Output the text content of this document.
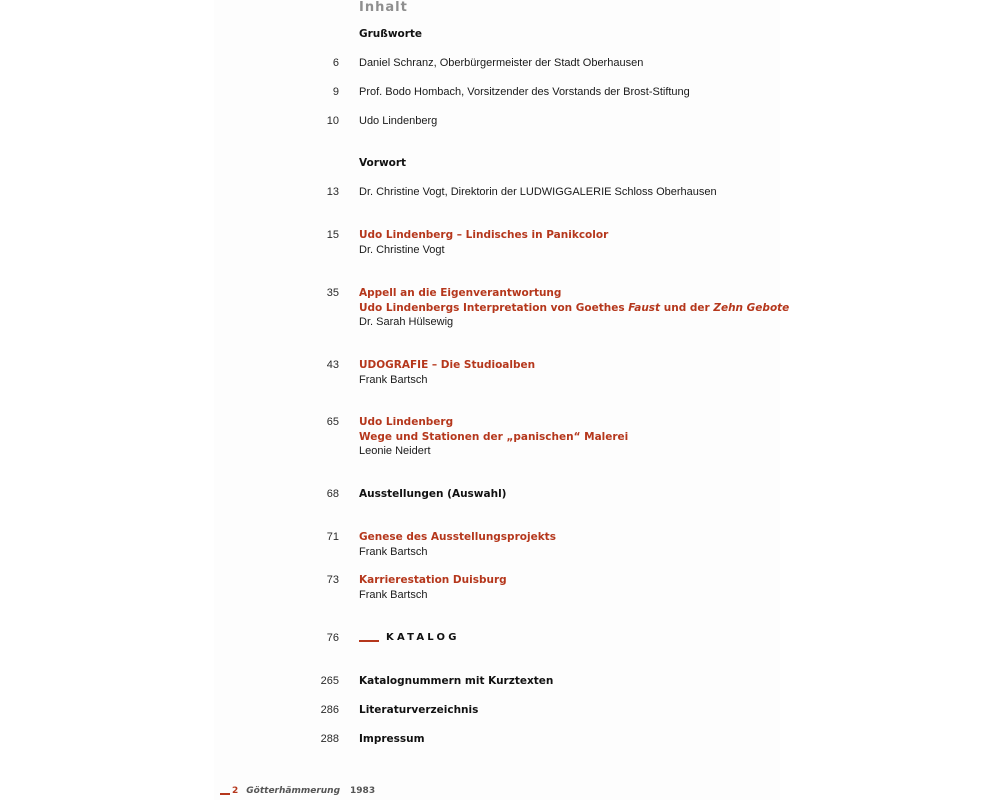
Inhalt
Grußworte
6 Daniel Schranz, Oberbürgermeister der Stadt Oberhausen
9 Prof. Bodo Hombach, Vorsitzender des Vorstands der Brost-Stiftung
10 Udo Lindenberg
Vorwort
13 Dr. Christine Vogt, Direktorin der LUDWIGGALERIE Schloss Oberhausen
15 Udo Lindenberg – Lindisches in Panikcolor
Dr. Christine Vogt
35 Appell an die Eigenverantwortung
Udo Lindenbergs Interpretation von Goethes Faust und der Zehn Gebote
Dr. Sarah Hülsewig
43 UDOGRAFIE – Die Studioalben
Frank Bartsch
65 Udo Lindenberg
Wege und Stationen der „panischen“ Malerei
Leonie Neidert
68 Ausstellungen (Auswahl)
71 Genese des Ausstellungsprojekts
Frank Bartsch
73 Karrierestation Duisburg
Frank Bartsch
76	KATALOG
265 Katalognummern mit Kurztexten
286 Literaturverzeichnis
288 Impressum
2 Götterhämmerung 1983
